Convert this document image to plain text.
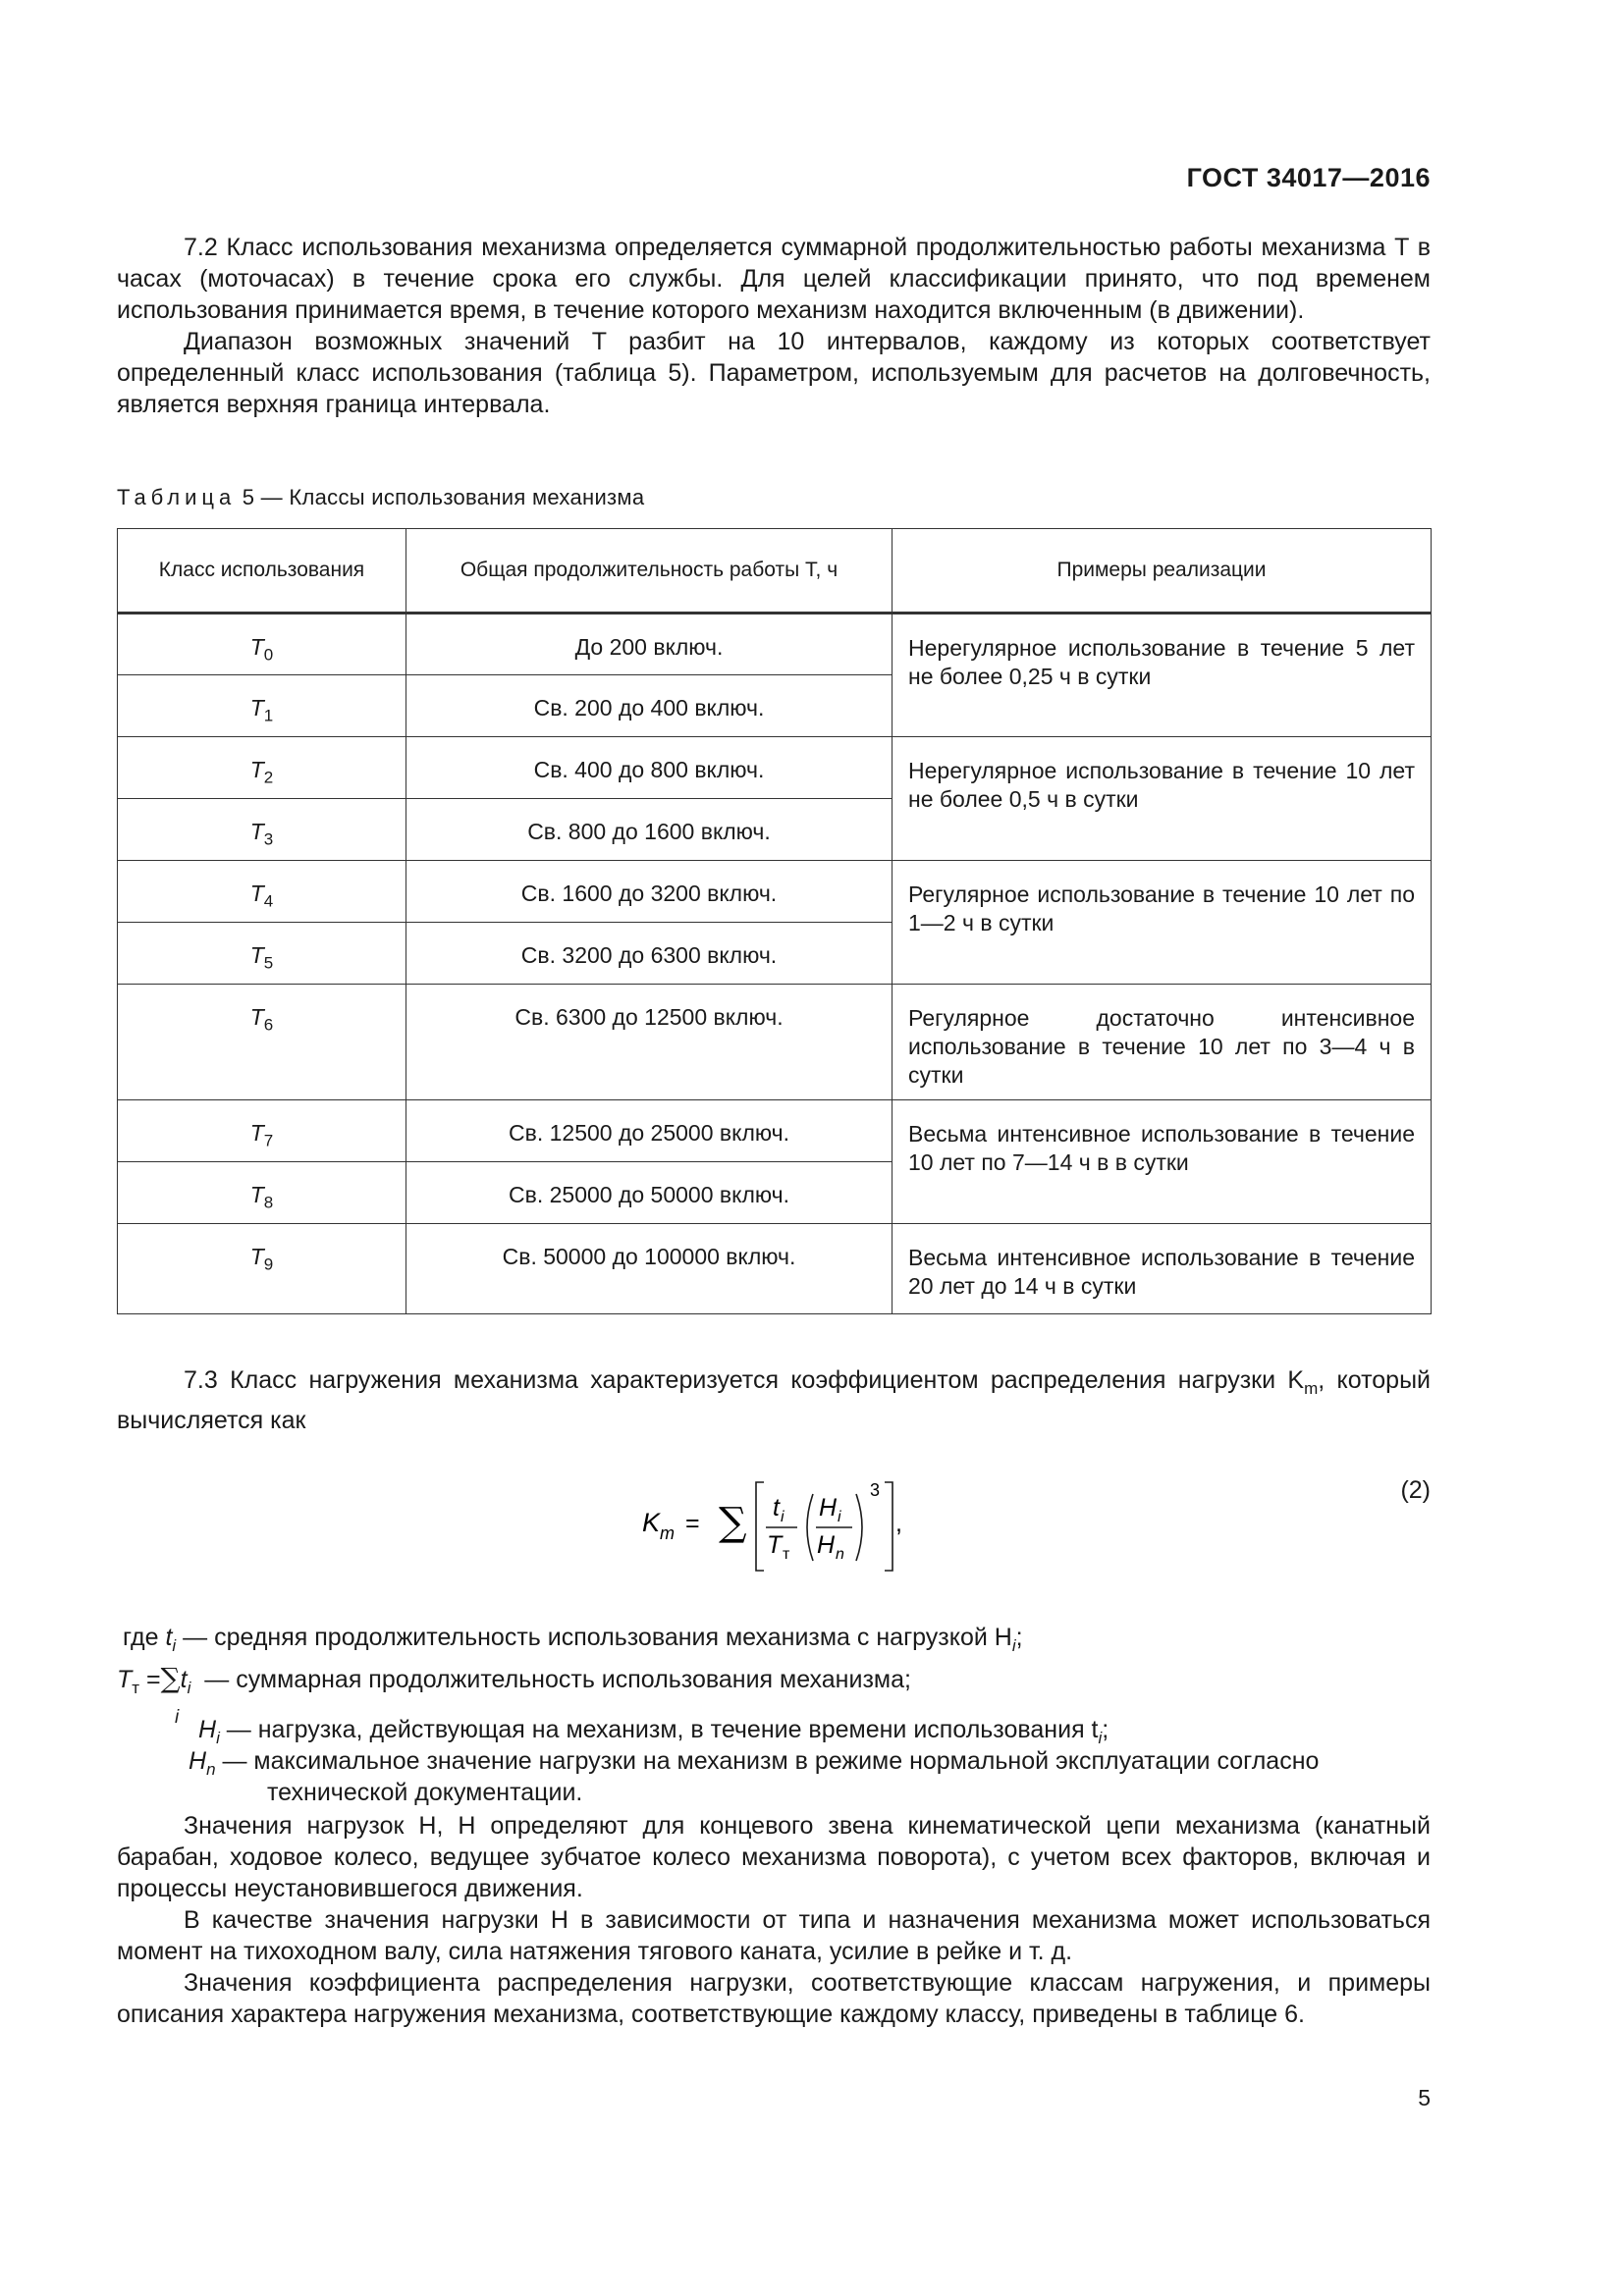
ГОСТ 34017—2016

7.2 Класс использования механизма определяется суммарной продолжительностью работы механизма T в часах (моточасах) в течение срока его службы. Для целей классификации принято, что под временем использования принимается время, в течение которого механизм находится включенным (в движении).

Диапазон возможных значений T разбит на 10 интервалов, каждому из которых соответствует определенный класс использования (таблица 5). Параметром, используемым для расчетов на долговечность, является верхняя граница интервала.

Таблица 5 — Классы использования механизма
Класс использования	Общая продолжительность работы T, ч	Примеры реализации
$T_0$	До 200 включ.	Нерегулярное использование в течение 5 лет не более 0,25 ч в сутки
$T_1$	Св. 200 до 400 включ.	
$T_2$	Св. 400 до 800 включ.	Нерегулярное использование в течение 10 лет не более 0,5 ч в сутки
$T_3$	Св. 800 до 1600 включ.	
$T_4$	Св. 1600 до 3200 включ.	Регулярное использование в течение 10 лет по 1—2 ч в сутки
$T_5$	Св. 3200 до 6300 включ.	
$T_6$	Св. 6300 до 12500 включ.	Регулярное достаточно интенсивное использование в течение 10 лет по 3—4 ч в сутки
$T_7$	Св. 12500 до 25000 включ.	Весьма интенсивное использование в течение 10 лет по 7—14 ч в в сутки
$T_8$	Св. 25000 до 50000 включ.	
$T_9$	Св. 50000 до 100000 включ.	Весьма интенсивное использование в течение 20 лет до 14 ч в сутки

7.3 Класс нагружения механизма характеризуется коэффициентом распределения нагрузки $K_m$, который вычисляется как

K m = ∑ t i
T т
H i
H n
3
,
(2)
где $t_i$ — средняя продолжительность использования механизма с нагрузкой $H_i$;
$T_т =\sum t_i$ — суммарная продолжительность использования механизма;
i $H_i$ — нагрузка, действующая на механизм, в течение времени использования $t_i$;
$H_n$ — максимальное значение нагрузки на механизм в режиме нормальной эксплуатации согласно
технической документации.

Значения нагрузок H, H определяют для концевого звена кинематической цепи механизма (канатный барабан, ходовое колесо, ведущее зубчатое колесо механизма поворота), с учетом всех факторов, включая и процессы неустановившегося движения.

В качестве значения нагрузки H в зависимости от типа и назначения механизма может использоваться момент на тихоходном валу, сила натяжения тягового каната, усилие в рейке и т. д.

Значения коэффициента распределения нагрузки, соответствующие классам нагружения, и примеры описания характера нагружения механизма, соответствующие каждому классу, приведены в таблице 6.

5
